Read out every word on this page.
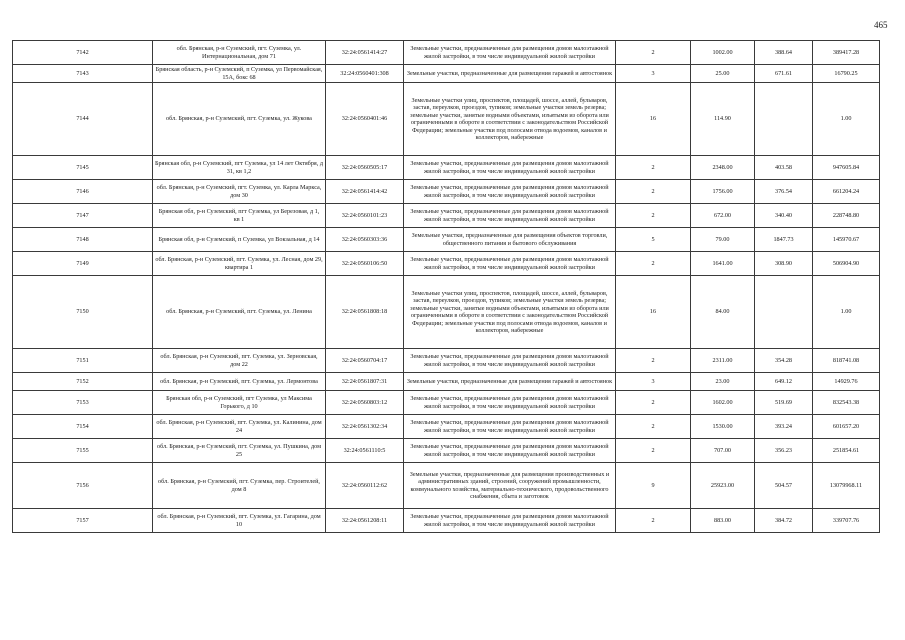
465
7142	обл. Брянская, р-н Суземский, пгт. Суземка, ул. Интернациональная, дом 71	32:24:0561414:27	Земельные участки, предназначенные для размещения домов малоэтажной жилой застройки, в том числе индивидуальной жилой застройки	2	1002.00	388.64	389417.28
7143	Брянская область, р-н Суземский, п Суземка, ул Первомайская, 15А, бокс 68	32:24:0560401:308	Земельные участки, предназначенные для размещения гаражей и автостоянок	3	25.00	671.61	16790.25
7144	обл. Брянская, р-н Суземский, пгт. Суземка, ул. Жукова	32:24:0560401:46	Земельные участки улиц, проспектов, площадей, шоссе, аллей, бульваров, застав, переулков, проездов, тупиков; земельные участки земель резерва; земельные участки, занятые водными объектами, изъятыми из оборота или ограниченными в обороте в соответствии с законодательством Российской Федерации; земельные участки под полосами отвода водоемов, каналов и коллекторов, набережные	16	114.90		1.00
7145	Брянская обл, р-н Суземский, пгт Суземка, ул 14 лет Октября, д 31, кв 1,2	32:24:0560505:17	Земельные участки, предназначенные для размещения домов малоэтажной жилой застройки, в том числе индивидуальной жилой застройки	2	2348.00	403.58	947605.84
7146	обл. Брянская, р-н Суземский, пгт. Суземка, ул. Карла Маркса, дом 30	32:24:0561414:42	Земельные участки, предназначенные для размещения домов малоэтажной жилой застройки, в том числе индивидуальной жилой застройки	2	1756.00	376.54	661204.24
7147	Брянская обл, р-н Суземский, пгт Суземка, ул Березовая, д 1, кв 1	32:24:0560101:23	Земельные участки, предназначенные для размещения домов малоэтажной жилой застройки, в том числе индивидуальной жилой застройки	2	672.00	340.40	228748.80
7148	Брянская обл, р-н Суземский, п Суземка, ул Вокзальная, д 14	32:24:0560303:36	Земельные участки, предназначенные для размещения объектов торговли, общественного питания и бытового обслуживания	5	79.00	1847.73	145970.67
7149	обл. Брянская, р-н Суземский, пгт. Суземка, ул. Лесная, дом 29, квартира 1	32:24:0560106:50	Земельные участки, предназначенные для размещения домов малоэтажной жилой застройки, в том числе индивидуальной жилой застройки	2	1641.00	308.90	506904.90
7150	обл. Брянская, р-н Суземский, пгт. Суземка, ул. Ленина	32:24:0561808:18	Земельные участки улиц, проспектов, площадей, шоссе, аллей, бульваров, застав, переулков, проездов, тупиков; земельные участки земель резерва; земельные участки, занятые водными объектами, изъятыми из оборота или ограниченными в обороте в соответствии с законодательством Российской Федерации; земельные участки под полосами отвода водоемов, каналов и коллекторов, набережные	16	84.00		1.00
7151	обл. Брянская, р-н Суземский, пгт. Суземка, ул. Зерновская, дом 22	32:24:0560704:17	Земельные участки, предназначенные для размещения домов малоэтажной жилой застройки, в том числе индивидуальной жилой застройки	2	2311.00	354.28	818741.08
7152	обл. Брянская, р-н Суземский, пгт. Суземка, ул. Лермонтова	32:24:0561807:31	Земельные участки, предназначенные для размещения гаражей и автостоянок	3	23.00	649.12	14929.76
7153	Брянская обл, р-н Суземский, пгт Суземка, ул Максима Горького, д 10	32:24:0560803:12	Земельные участки, предназначенные для размещения домов малоэтажной жилой застройки, в том числе индивидуальной жилой застройки	2	1602.00	519.69	832543.38
7154	обл. Брянская, р-н Суземский, пгт. Суземка, ул. Калинина, дом 24	32:24:0561302:34	Земельные участки, предназначенные для размещения домов малоэтажной жилой застройки, в том числе индивидуальной жилой застройки	2	1530.00	393.24	601657.20
7155	обл. Брянская, р-н Суземский, пгт. Суземка, ул. Пушкина, дом 25	32:24:0561110:5	Земельные участки, предназначенные для размещения домов малоэтажной жилой застройки, в том числе индивидуальной жилой застройки	2	707.00	356.23	251854.61
7156	обл. Брянская, р-н Суземский, пгт. Суземка, пер. Строителей, дом 8	32:24:0560112:62	Земельные участки, предназначенные для размещения производственных и административных зданий, строений, сооружений промышленности, коммунального хозяйства, материально-технического, продовольственного снабжения, сбыта и заготовок	9	25923.00	504.57	13079968.11
7157	обл. Брянская, р-н Суземский, пгт. Суземка, ул. Гагарина, дом 10	32:24:0561208:11	Земельные участки, предназначенные для размещения домов малоэтажной жилой застройки, в том числе индивидуальной жилой застройки	2	883.00	384.72	339707.76
